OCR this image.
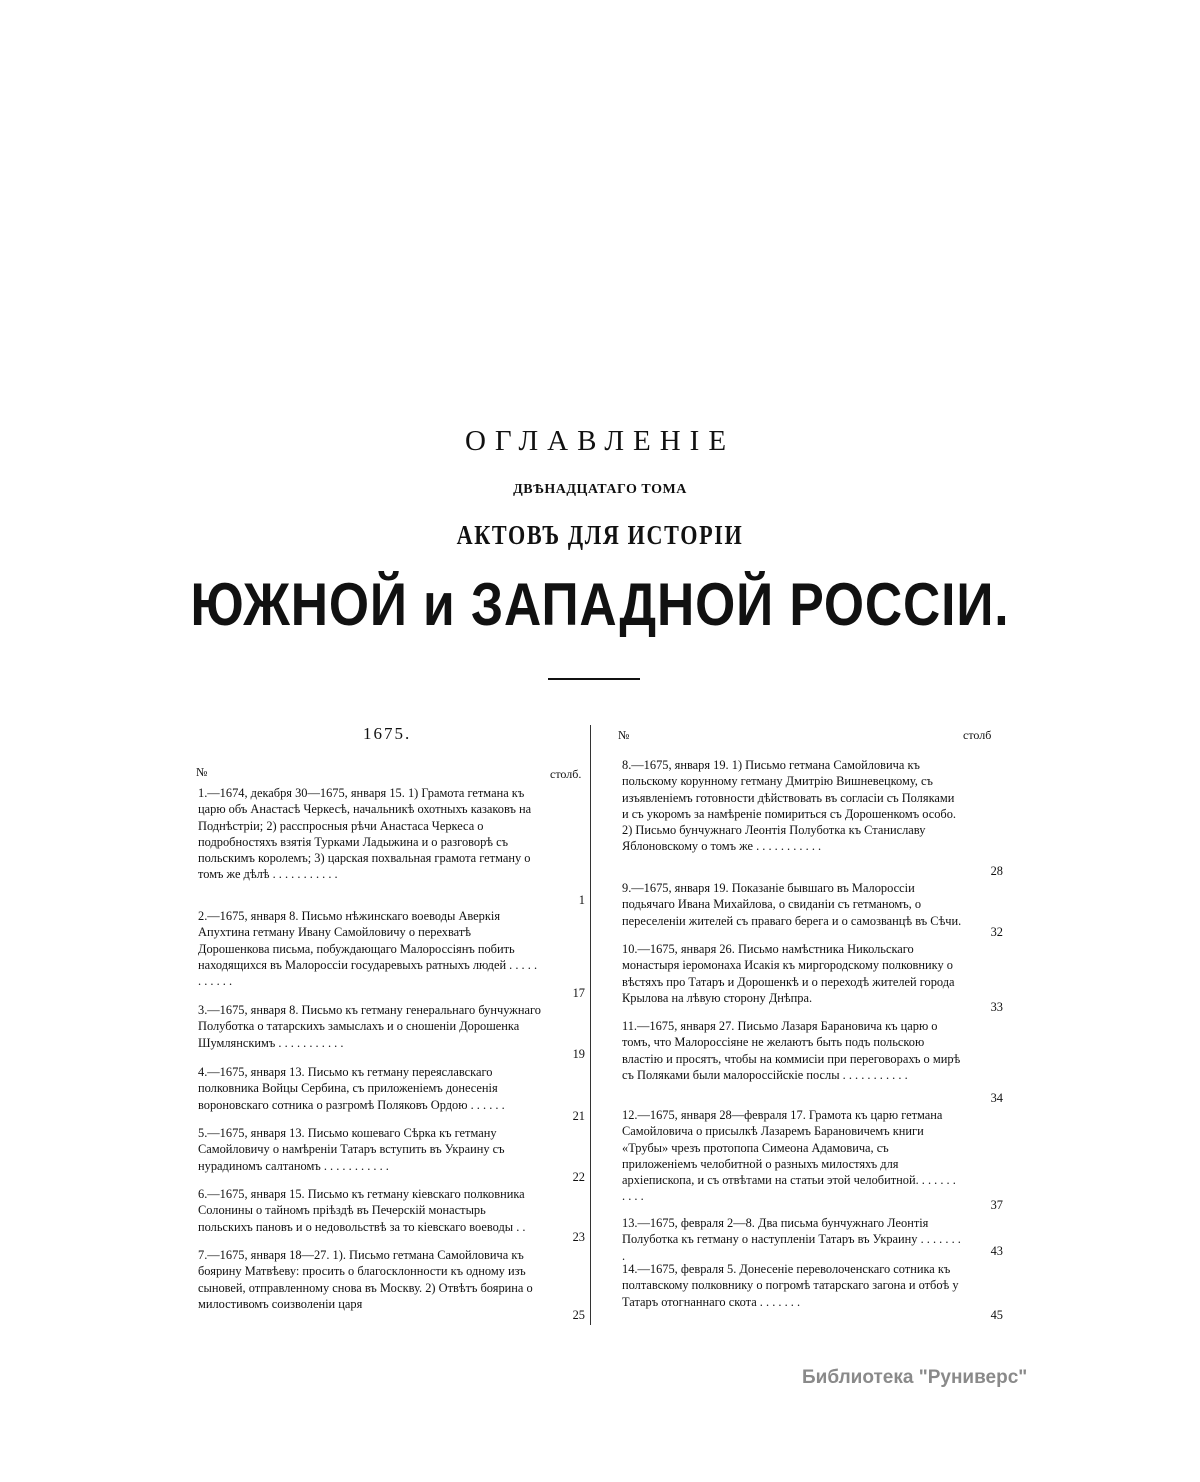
ОГЛАВЛЕНІЕ
ДВѢНАДЦАТАГО ТОМА
АКТОВЪ ДЛЯ ИСТОРІИ
ЮЖНОЙ и ЗАПАДНОЙ РОССІИ.
1675.
№	столб.
№	столб
1.—1674, декабря 30—1675, января 15. 1) Грамота гетмана къ царю объ Анастасѣ Черкесѣ, начальникѣ охотныхъ казаковъ на Поднѣстріи; 2) расспросныя рѣчи Анастаса Черкеса о подробностяхъ взятія Турками Ладыжина и о разговорѣ съ польскимъ королемъ; 3) царская похвальная грамота гетману о томъ же дѣлѣ . . . . . . . . . . .
1
2.—1675, января 8. Письмо нѣжинскаго воеводы Аверкія Апухтина гетману Ивану Самойловичу о перехватѣ Дорошенкова письма, побуждающаго Малороссіянъ побить находящихся въ Малороссіи государевыхъ ратныхъ людей . . . . . . . . . . .
17
3.—1675, января 8. Письмо къ гетману генеральнаго бунчужнаго Полуботка о татарскихъ замыслахъ и о сношеніи Дорошенка Шумлянскимъ . . . . . . . . . . .
19
4.—1675, января 13. Письмо къ гетману переяславскаго полковника Войцы Сербина, съ приложеніемъ донесенія вороновскаго сотника о разгромѣ Поляковъ Ордою . . . . . .
21
5.—1675, января 13. Письмо кошеваго Сѣрка къ гетману Самойловичу о намѣреніи Татаръ вступить въ Украину съ нурадиномъ салтаномъ . . . . . . . . . . .
22
6.—1675, января 15. Письмо къ гетману кіевскаго полковника Солонины о тайномъ пріѣздѣ въ Печерскій монастырь польскихъ пановъ и о недовольствѣ за то кіевскаго воеводы . .
23
7.—1675, января 18—27. 1). Письмо гетмана Самойловича къ боярину Матвѣеву: просить о благосклонности къ одному изъ сыновей, отправленному снова въ Москву. 2) Отвѣтъ боярина о милостивомъ соизволеніи царя
25
8.—1675, января 19. 1) Письмо гетмана Самойловича къ польскому корунному гетману Дмитрію Вишневецкому, съ изъявленіемъ готовности дѣйствовать въ согласіи съ Поляками и съ укоромъ за намѣреніе помириться съ Дорошенкомъ особо. 2) Письмо бунчужнаго Леонтія Полуботка къ Станиславу Яблоновскому о томъ же . . . . . . . . . . .
28
9.—1675, января 19. Показаніе бывшаго въ Малороссіи подьячаго Ивана Михайлова, о свиданіи съ гетманомъ, о переселеніи жителей съ праваго берега и о самозванцѣ въ Сѣчи.
32
10.—1675, января 26. Письмо намѣстника Никольскаго монастыря іеромонаха Исакія къ миргородскому полковнику о вѣстяхъ про Татаръ и Дорошенкѣ и о переходѣ жителей города Крылова на лѣвую сторону Днѣпра.
33
11.—1675, января 27. Письмо Лазаря Барановича къ царю о томъ, что Малороссіяне не желаютъ быть подъ польскою властію и просятъ, чтобы на коммисіи при переговорахъ о мирѣ съ Поляками были малороссійскіе послы . . . . . . . . . . .
34
12.—1675, января 28—февраля 17. Грамота къ царю гетмана Самойловича о присылкѣ Лазаремъ Барановичемъ книги «Трубы» чрезъ протопопа Симеона Адамовича, съ приложеніемъ челобитной о разныхъ милостяхъ для архіепископа, и съ отвѣтами на статьи этой челобитной. . . . . . . . . . .
37
13.—1675, февраля 2—8. Два письма бунчужнаго Леонтія Полуботка къ гетману о наступленіи Татаръ въ Украину . . . . . . . .	43
14.—1675, февраля 5. Донесеніе переволоченскаго сотника къ полтавскому полковнику о погромѣ татарскаго загона и отбоѣ у Татаръ отогнаннаго скота . . . . . . .
45
Библиотека "Руниверс"
